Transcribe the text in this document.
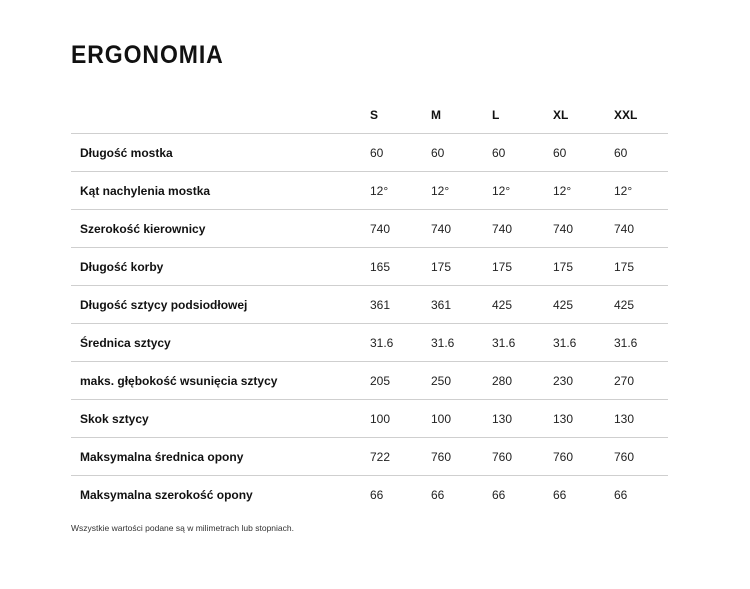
ERGONOMIA
	S	M	L	XL	XXL
Długość mostka	60	60	60	60	60
Kąt nachylenia mostka	12°	12°	12°	12°	12°
Szerokość kierownicy	740	740	740	740	740
Długość korby	165	175	175	175	175
Długość sztycy podsiodłowej	361	361	425	425	425
Średnica sztycy	31.6	31.6	31.6	31.6	31.6
maks. głębokość wsunięcia sztycy	205	250	280	230	270
Skok sztycy	100	100	130	130	130
Maksymalna średnica opony	722	760	760	760	760
Maksymalna szerokość opony	66	66	66	66	66

Wszystkie wartości podane są w milimetrach lub stopniach.
